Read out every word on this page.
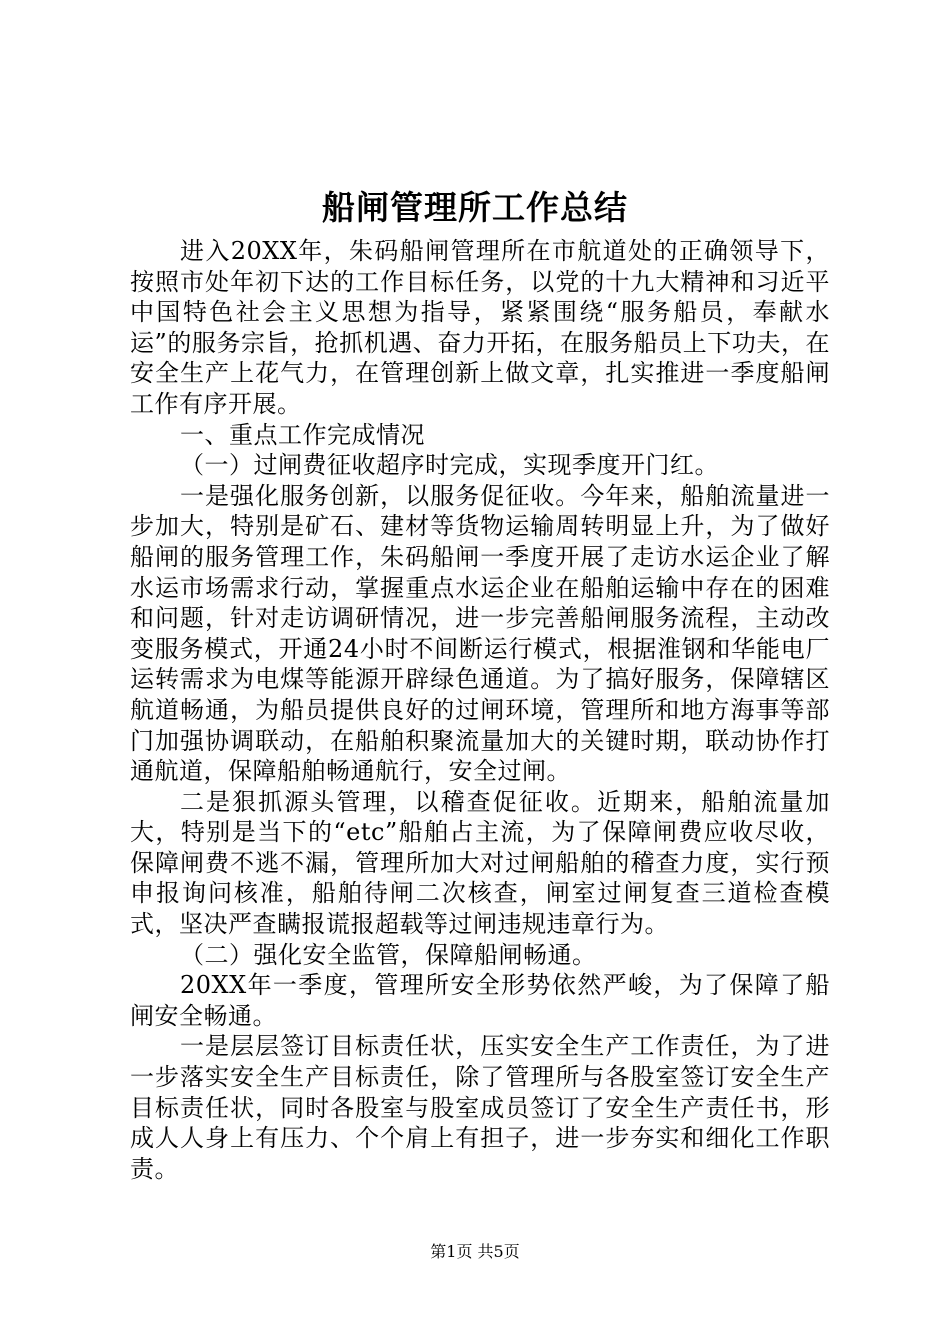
船闸管理所工作总结

进入20XX年，朱码船闸管理所在市航道处的正确领导下，按照市处年初下达的工作目标任务，以党的十九大精神和习近平中国特色社会主义思想为指导，紧紧围绕“服务船员，奉献水运”的服务宗旨，抢抓机遇、奋力开拓，在服务船员上下功夫，在安全生产上花气力，在管理创新上做文章，扎实推进一季度船闸工作有序开展。

一、重点工作完成情况

（一）过闸费征收超序时完成，实现季度开门红。

一是强化服务创新，以服务促征收。今年来，船舶流量进一步加大，特别是矿石、建材等货物运输周转明显上升，为了做好船闸的服务管理工作，朱码船闸一季度开展了走访水运企业了解水运市场需求行动，掌握重点水运企业在船舶运输中存在的困难和问题，针对走访调研情况，进一步完善船闸服务流程，主动改变服务模式，开通24小时不间断运行模式，根据淮钢和华能电厂运转需求为电煤等能源开辟绿色通道。为了搞好服务，保障辖区航道畅通，为船员提供良好的过闸环境，管理所和地方海事等部门加强协调联动，在船舶积聚流量加大的关键时期，联动协作打通航道，保障船舶畅通航行，安全过闸。

二是狠抓源头管理，以稽查促征收。近期来，船舶流量加大，特别是当下的“etc”船舶占主流，为了保障闸费应收尽收，保障闸费不逃不漏，管理所加大对过闸船舶的稽查力度，实行预申报询问核准，船舶待闸二次核查，闸室过闸复查三道检查模式，坚决严查瞒报谎报超载等过闸违规违章行为。

（二）强化安全监管，保障船闸畅通。

20XX年一季度，管理所安全形势依然严峻，为了保障了船闸安全畅通。

一是层层签订目标责任状，压实安全生产工作责任，为了进一步落实安全生产目标责任，除了管理所与各股室签订安全生产目标责任状，同时各股室与股室成员签订了安全生产责任书，形成人人身上有压力、个个肩上有担子，进一步夯实和细化工作职责。

第1页 共5页
